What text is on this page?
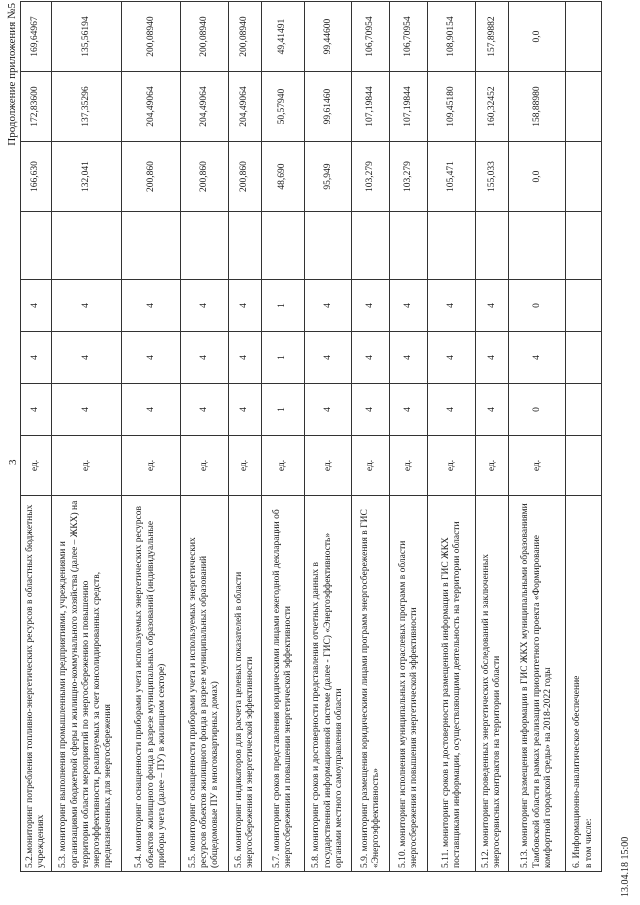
3
Продолжение приложения №5
5.2.мониторинг потребления топливно-энергетических ресурсов в областных бюджетных учреждениях	ед.	4	4	4		166,630	172,83600	169,64967
5.3. мониторинг выполнения промышленными предприятиями, учреждениями и организациями бюджетной сферы и жилищно-коммунального хозяйства (далее – ЖКХ) на территории области мероприятий по энергосбережению и повышению энергоэффективности, реализуемых за счет консолидированных средств, предназначенных для энергосбережения	ед.	4	4	4		132,041	137,35296	135,56194
5.4. мониторинг оснащенности приборами учета используемых энергетических ресурсов объектов жилищного фонда в разрезе муниципальных образований (индивидуальные приборы учета (далее – ПУ) в жилищном секторе)	ед.	4	4	4		200,860	204,49064	200,08940
5.5. мониторинг оснащенности приборами учета и используемых энергетических ресурсов объектов жилищного фонда в разрезе муниципальных образований (общедомовые ПУ в многоквартирных домах)	ед.	4	4	4		200,860	204,49064	200,08940
5.6. мониторинг индикаторов для расчета целевых показателей в области энергосбережения и энергетической эффективности	ед.	4	4	4		200,860	204,49064	200,08940
5.7. мониторинг сроков представления юридическими лицами ежегодной декларации об энергосбережении и повышении энергетической эффективности	ед.	1	1	1		48,690	50,57940	49,41491
5.8. мониторинг сроков и достоверности представления отчетных данных в государственной информационной системе (далее - ГИС) «Энергоэффективность» органами местного самоуправления области	ед.	4	4	4		95,949	99,61460	99,44600
5.9. мониторинг размещения юридическими лицами программ энергосбережения в ГИС «Энергоэффективность»	ед.	4	4	4		103,279	107,19844	106,70954
5.10. мониторинг исполнения муниципальных и отраслевых программ в области энергосбережения и повышения энергетической эффективности	ед.	4	4	4		103,279	107,19844	106,70954
5.11. мониторинг сроков и достоверности размещенной информации в ГИС ЖКХ поставщиками информации, осуществляющими деятельность на территории области	ед.	4	4	4		105,471	109,45180	108,90154
5.12. мониторинг проведенных энергетических обследований и заключенных энергосервисных контрактов на территории области	ед.	4	4	4		155,033	160,32452	157,89882
5.13. мониторинг размещения информации в ГИС ЖКХ муниципальными образованиями Тамбовской области в рамках реализации приоритетного проекта «Формирование комфортной городской среды» на 2018-2022 годы	ед.	0	4	0		0,0	158,88980	0,0

6. Информационно-аналитическое обеспечение в том числе:								
									13.04.18 15:00
